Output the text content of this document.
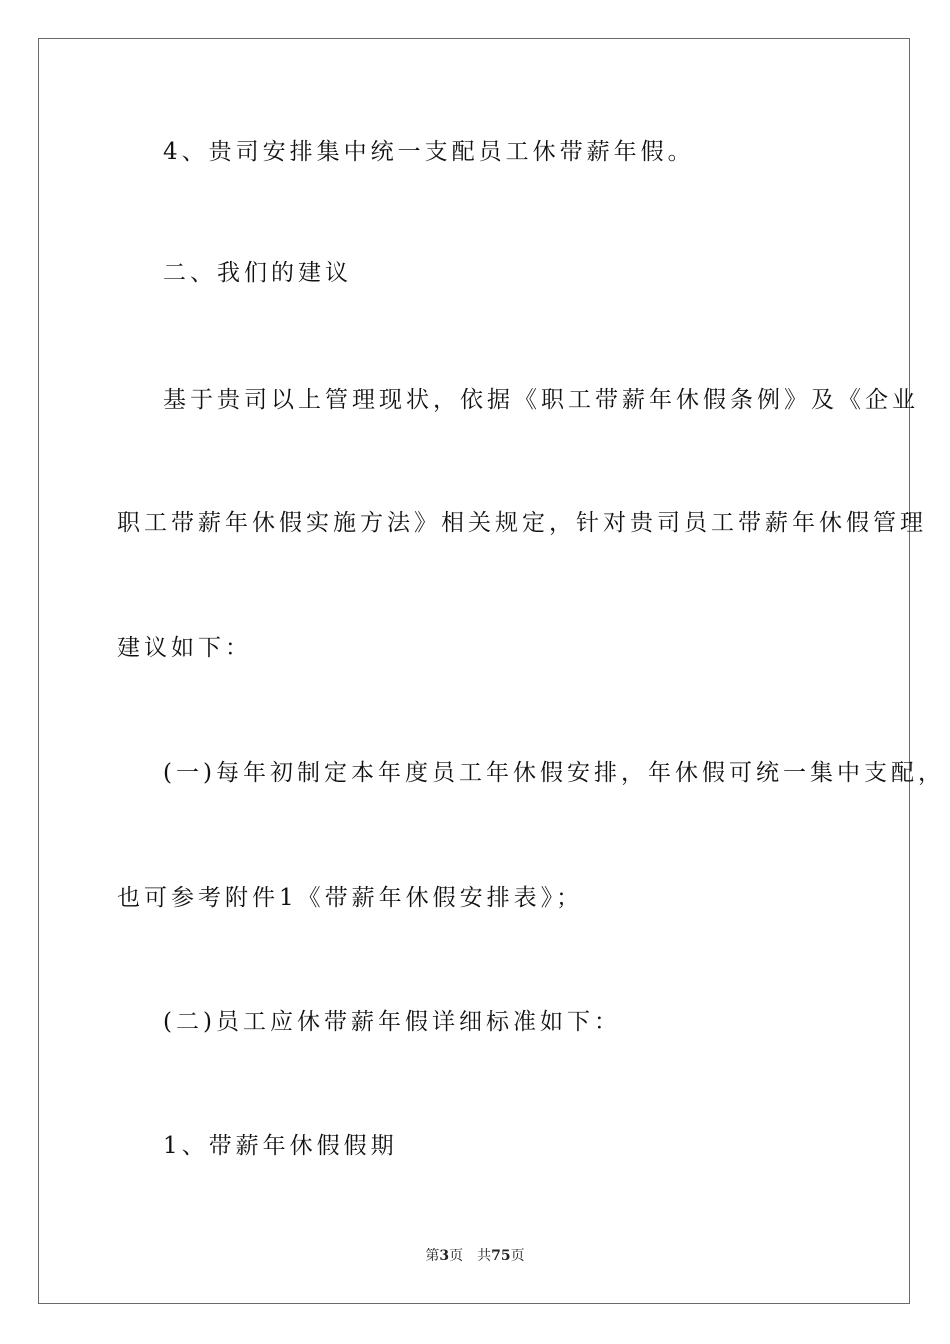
4、贵司安排集中统一支配员工休带薪年假。

二、我们的建议

基于贵司以上管理现状，依据《职工带薪年休假条例》及《企业

职工带薪年休假实施方法》相关规定，针对贵司员工带薪年休假管理

建议如下：

(一)每年初制定本年度员工年休假安排，年休假可统一集中支配，

也可参考附件1《带薪年休假安排表》；

(二)员工应休带薪年假详细标准如下：

1、带薪年休假假期

第3页 共75页
